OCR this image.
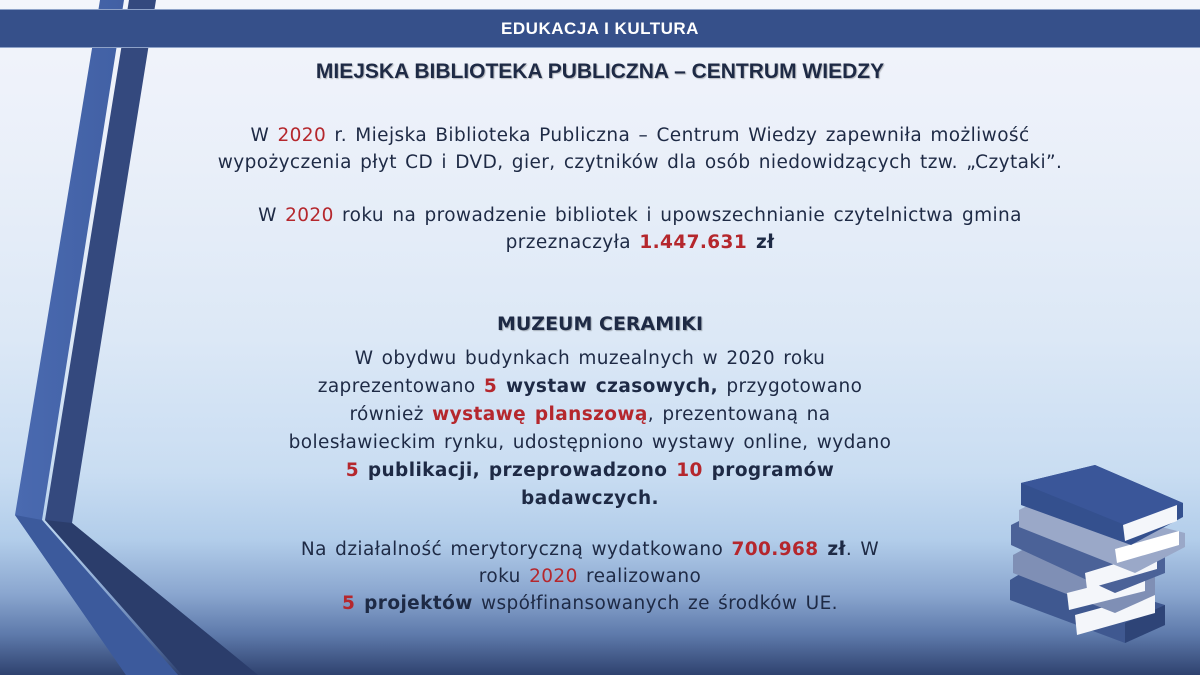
EDUKACJA I KULTURA
MIEJSKA BIBLIOTEKA PUBLICZNA – CENTRUM WIEDZY
W 2020 r. Miejska Biblioteka Publiczna – Centrum Wiedzy zapewniła możliwość
wypożyczenia płyt CD i DVD, gier, czytników dla osób niedowidzących tzw. „Czytaki”.
W 2020 roku na prowadzenie bibliotek i upowszechnianie czytelnictwa gmina
przeznaczyła 1.447.631 zł
MUZEUM CERAMIKI
W obydwu budynkach muzealnych w 2020 roku
zaprezentowano 5 wystaw czasowych, przygotowano
również wystawę planszową, prezentowaną na
bolesławieckim rynku, udostępniono wystawy online, wydano
5 publikacji, przeprowadzono 10 programów
badawczych.
Na działalność merytoryczną wydatkowano 700.968 zł. W
roku 2020 realizowano
5 projektów współfinansowanych ze środków UE.
